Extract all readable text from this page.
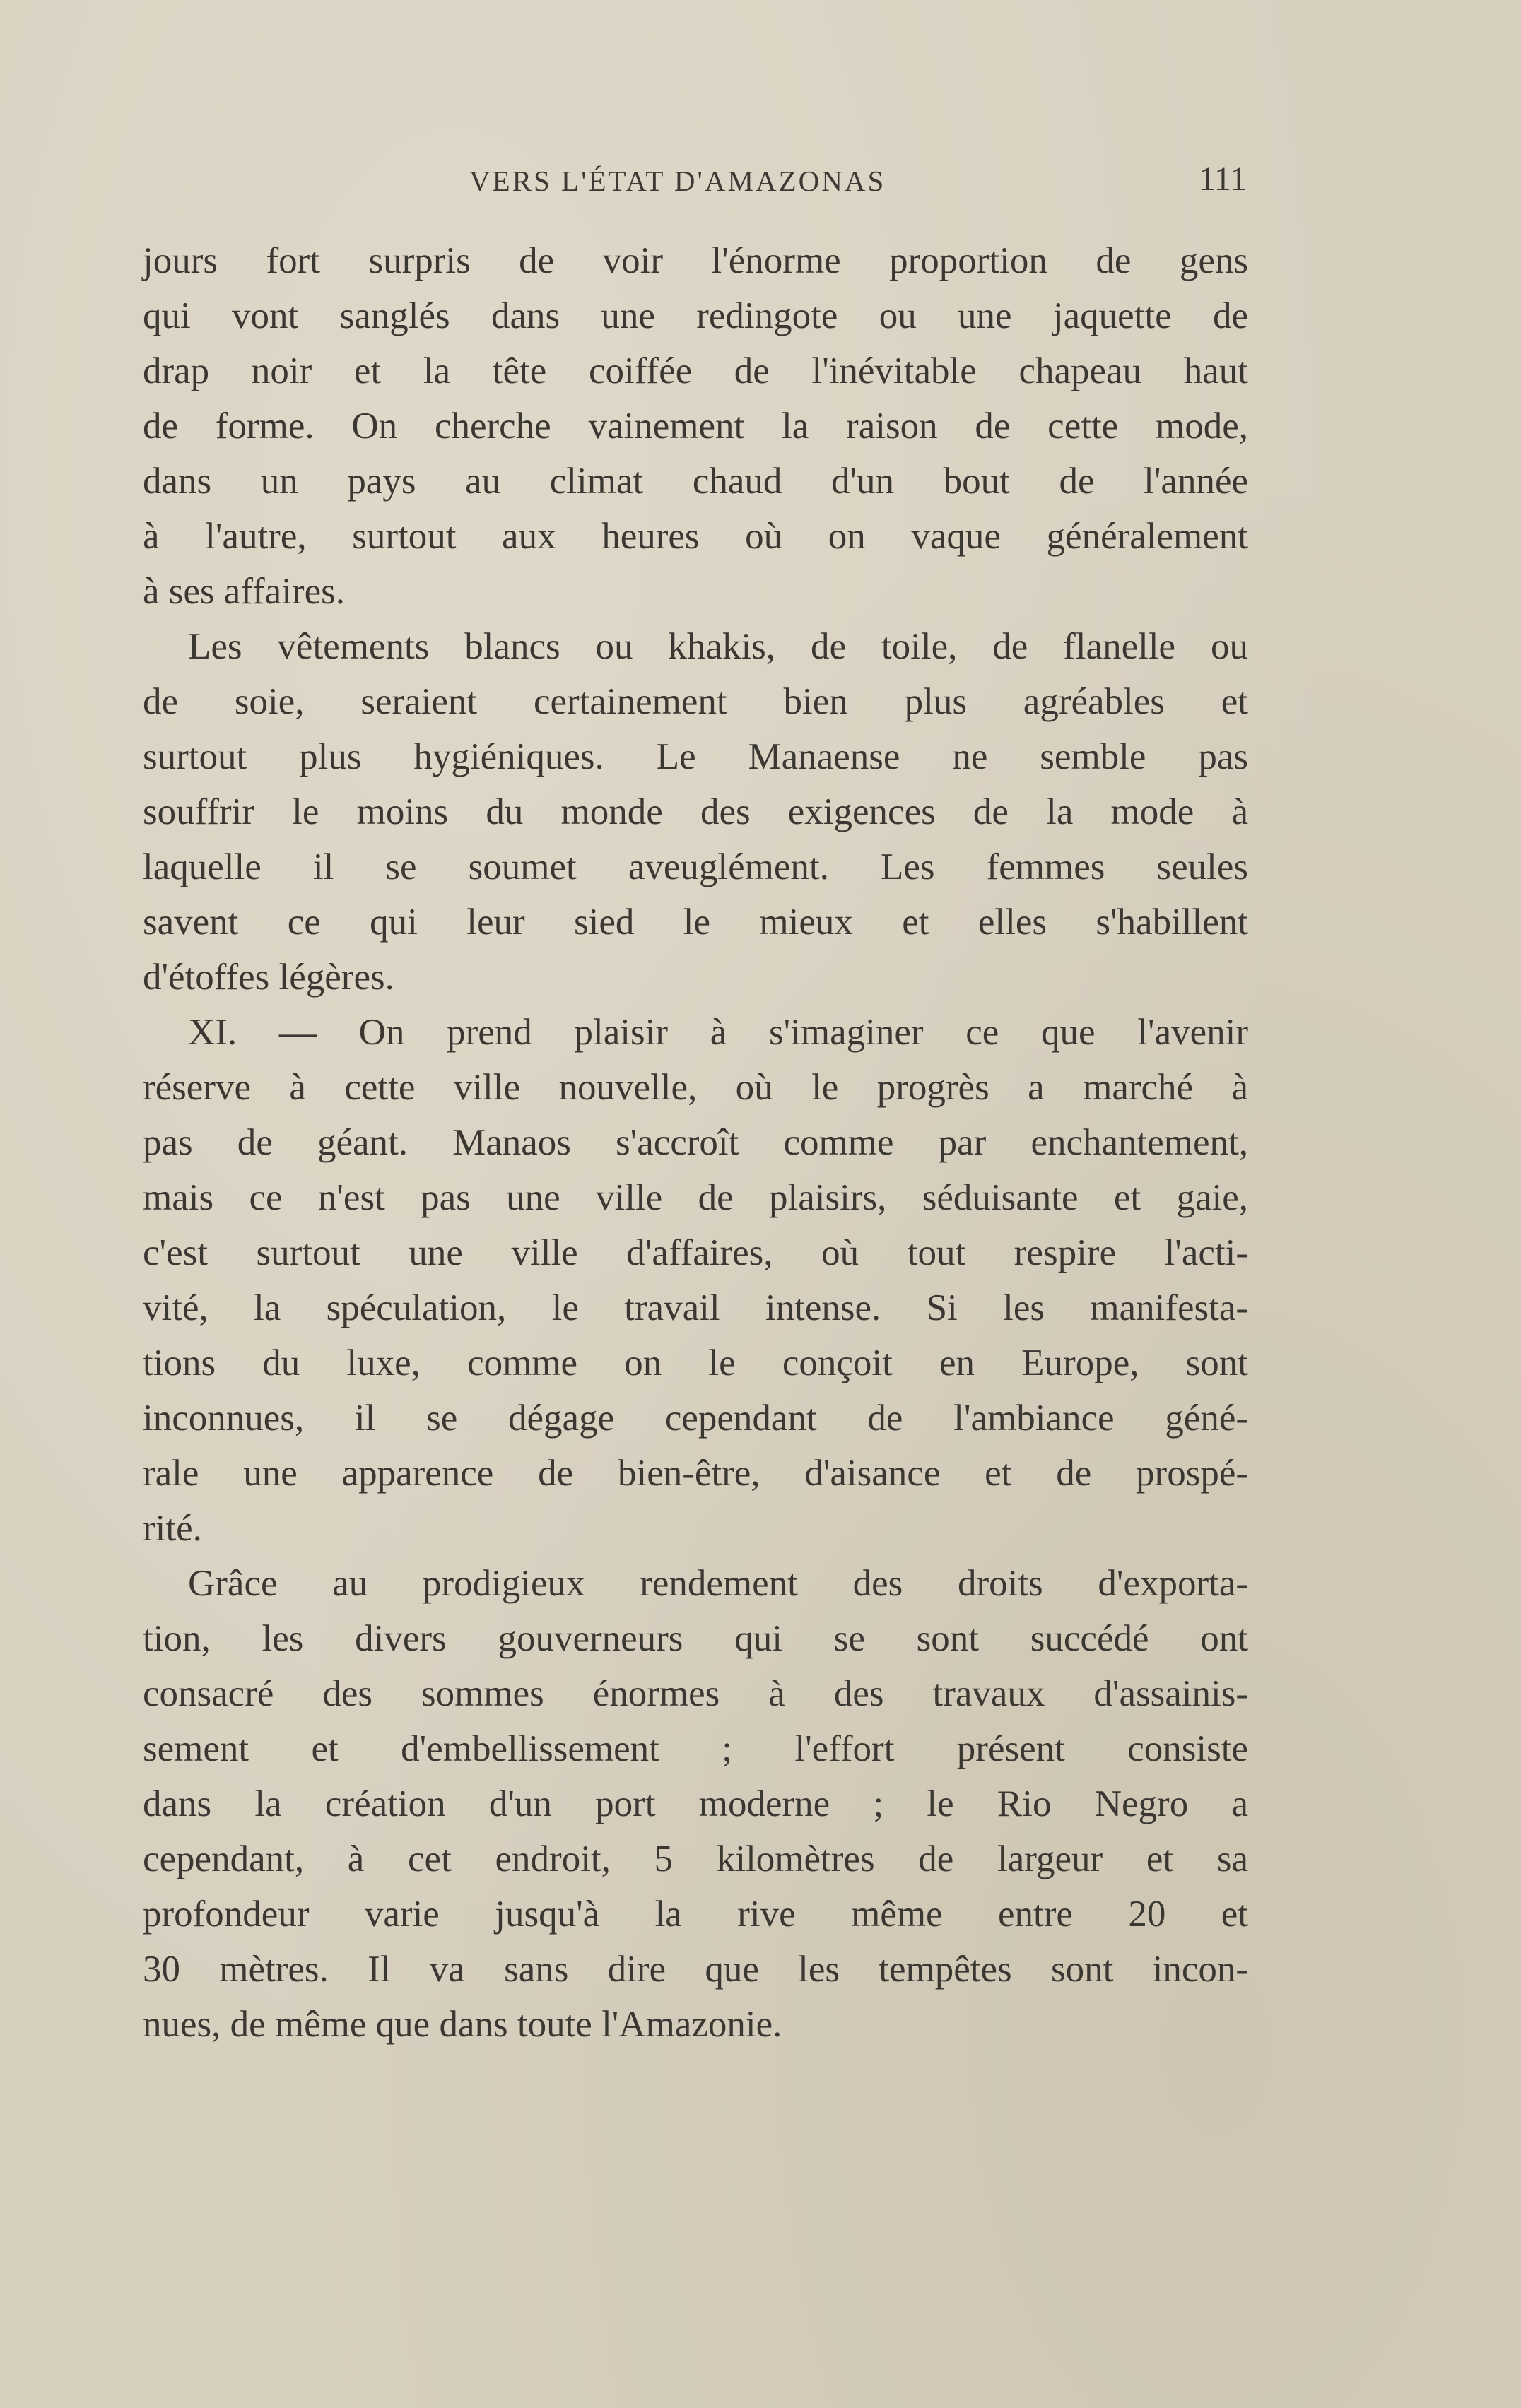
VERS L'ÉTAT D'AMAZONAS	111
jours fort surpris de voir l'énorme proportion de gens
qui vont sanglés dans une redingote ou une jaquette de
drap noir et la tête coiffée de l'inévitable chapeau haut
de forme. On cherche vainement la raison de cette mode,
dans un pays au climat chaud d'un bout de l'année
à l'autre, surtout aux heures où on vaque généralement
à ses affaires.
Les vêtements blancs ou khakis, de toile, de flanelle ou
de soie, seraient certainement bien plus agréables et
surtout plus hygiéniques. Le Manaense ne semble pas
souffrir le moins du monde des exigences de la mode à
laquelle il se soumet aveuglément. Les femmes seules
savent ce qui leur sied le mieux et elles s'habillent
d'étoffes légères.
XI. — On prend plaisir à s'imaginer ce que l'avenir
réserve à cette ville nouvelle, où le progrès a marché à
pas de géant. Manaos s'accroît comme par enchantement,
mais ce n'est pas une ville de plaisirs, séduisante et gaie,
c'est surtout une ville d'affaires, où tout respire l'acti-
vité, la spéculation, le travail intense. Si les manifesta-
tions du luxe, comme on le conçoit en Europe, sont
inconnues, il se dégage cependant de l'ambiance géné-
rale une apparence de bien-être, d'aisance et de prospé-
rité.
Grâce au prodigieux rendement des droits d'exporta-
tion, les divers gouverneurs qui se sont succédé ont
consacré des sommes énormes à des travaux d'assainis-
sement et d'embellissement ; l'effort présent consiste
dans la création d'un port moderne ; le Rio Negro a
cependant, à cet endroit, 5 kilomètres de largeur et sa
profondeur varie jusqu'à la rive même entre 20 et
30 mètres. Il va sans dire que les tempêtes sont incon-
nues, de même que dans toute l'Amazonie.
